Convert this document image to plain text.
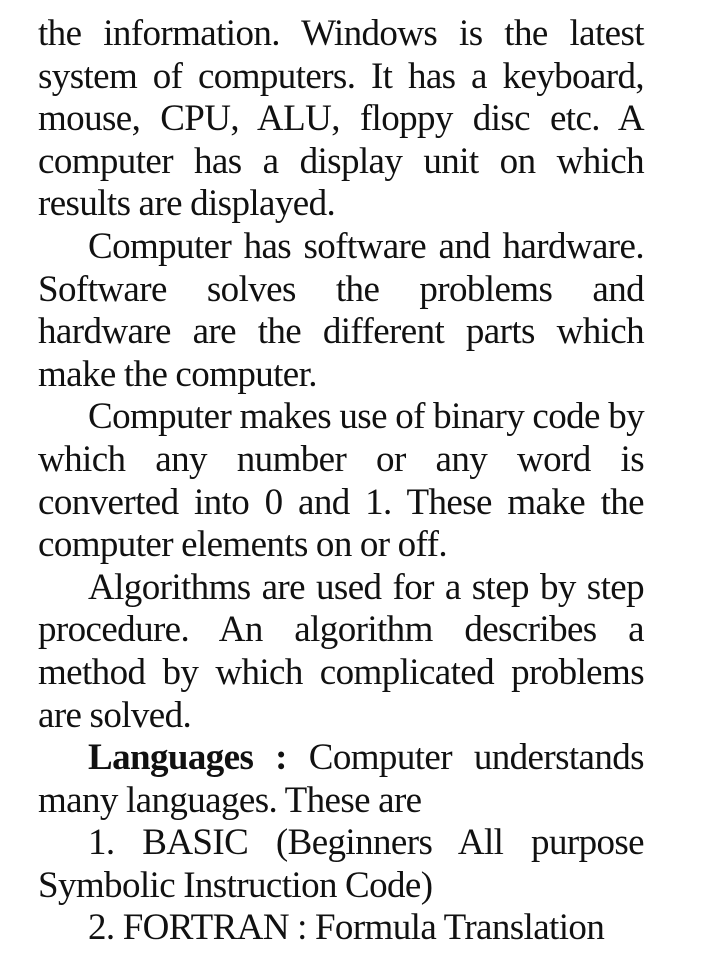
the information. Windows is the latest system of computers. It has a keyboard, mouse, CPU, ALU, floppy disc etc. A computer has a display unit on which results are displayed.

Computer has software and hardware. Software solves the problems and hardware are the different parts which make the computer.

Computer makes use of binary code by which any number or any word is converted into 0 and 1. These make the computer elements on or off.

Algorithms are used for a step by step procedure. An algorithm describes a method by which complicated problems are solved.

Languages : Computer understands many languages. These are

1. BASIC (Beginners All purpose Symbolic Instruction Code)

2. FORTRAN : Formula Translation
